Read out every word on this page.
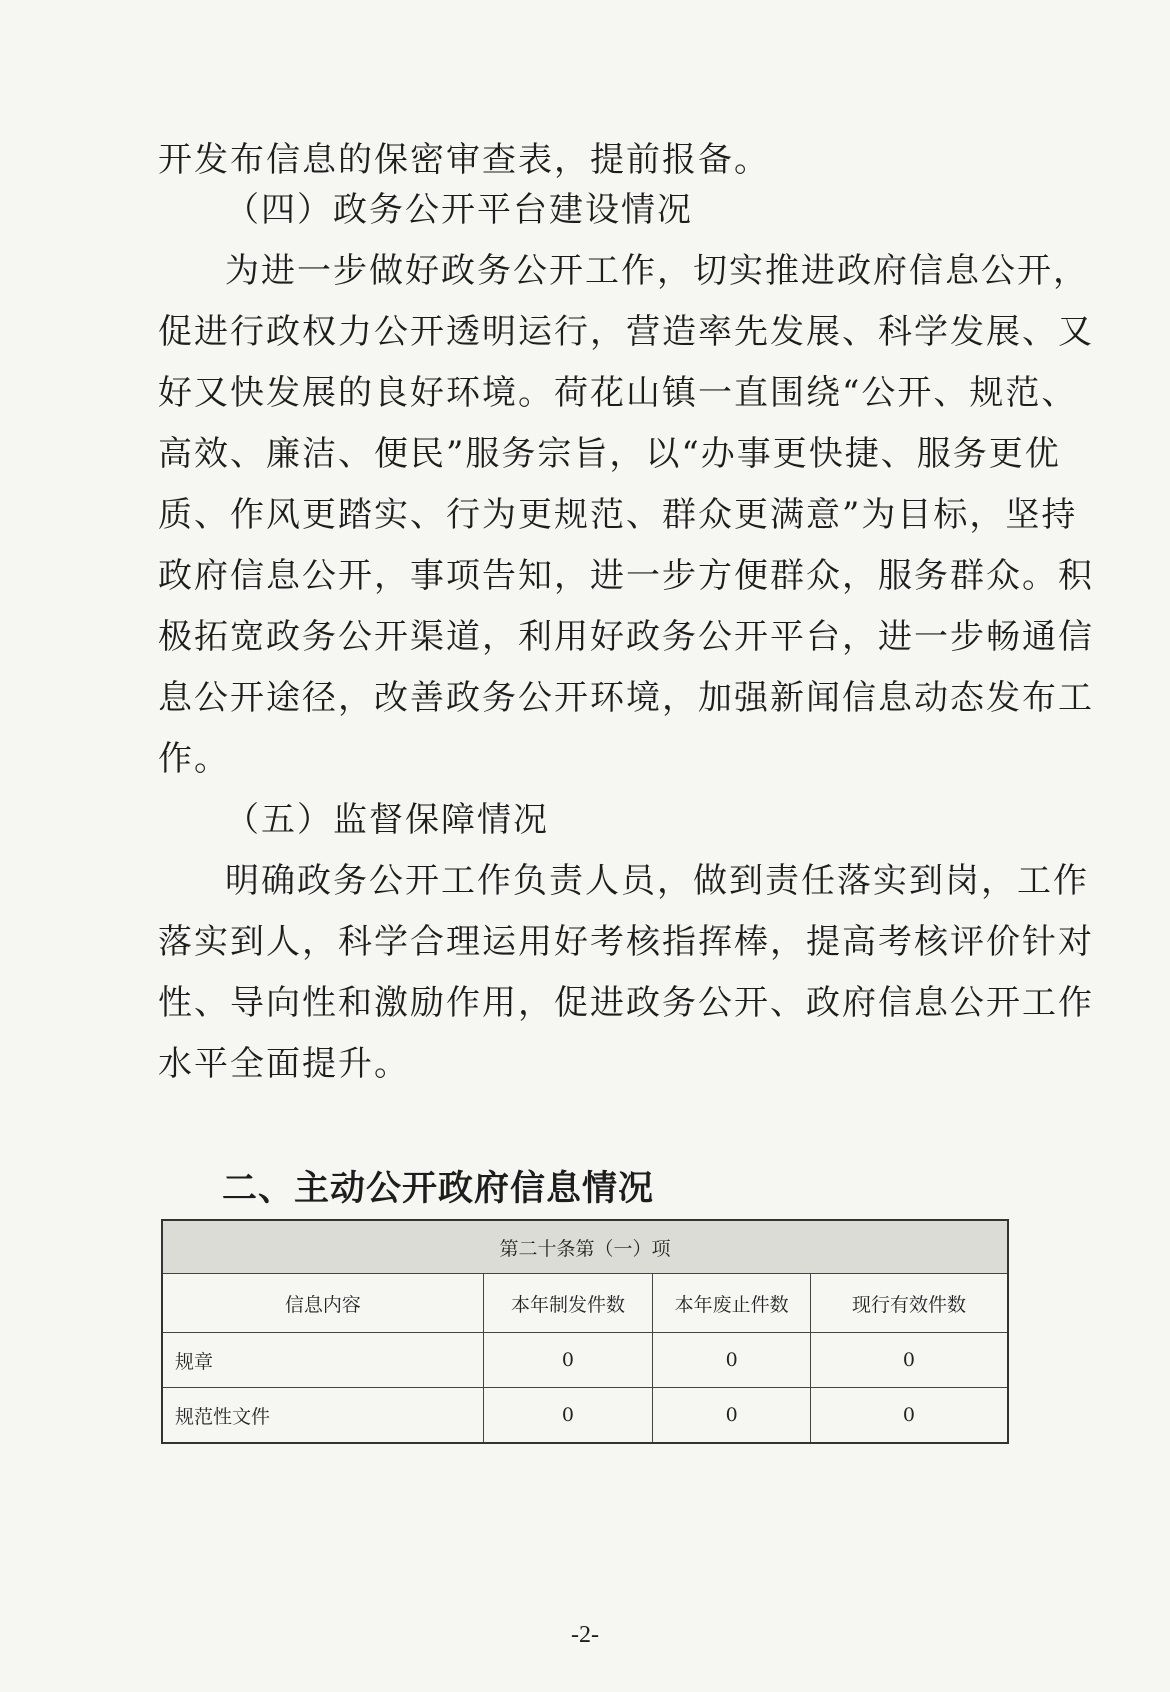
开发布信息的保密审查表，提前报备。
（四）政务公开平台建设情况
为进一步做好政务公开工作，切实推进政府信息公开，
促进行政权力公开透明运行，营造率先发展、科学发展、又
好又快发展的良好环境。荷花山镇一直围绕“公开、规范、
高效、廉洁、便民”服务宗旨，以“办事更快捷、服务更优
质、作风更踏实、行为更规范、群众更满意”为目标，坚持
政府信息公开，事项告知，进一步方便群众，服务群众。积
极拓宽政务公开渠道，利用好政务公开平台，进一步畅通信
息公开途径，改善政务公开环境，加强新闻信息动态发布工
作。
（五）监督保障情况
明确政务公开工作负责人员，做到责任落实到岗，工作
落实到人，科学合理运用好考核指挥棒，提高考核评价针对
性、导向性和激励作用，促进政务公开、政府信息公开工作
水平全面提升。
二、主动公开政府信息情况
第二十条第（一）项			
信息内容	本年制发件数	本年废止件数	现行有效件数
规章	0	0	0
规范性文件	0	0	0
-2-
